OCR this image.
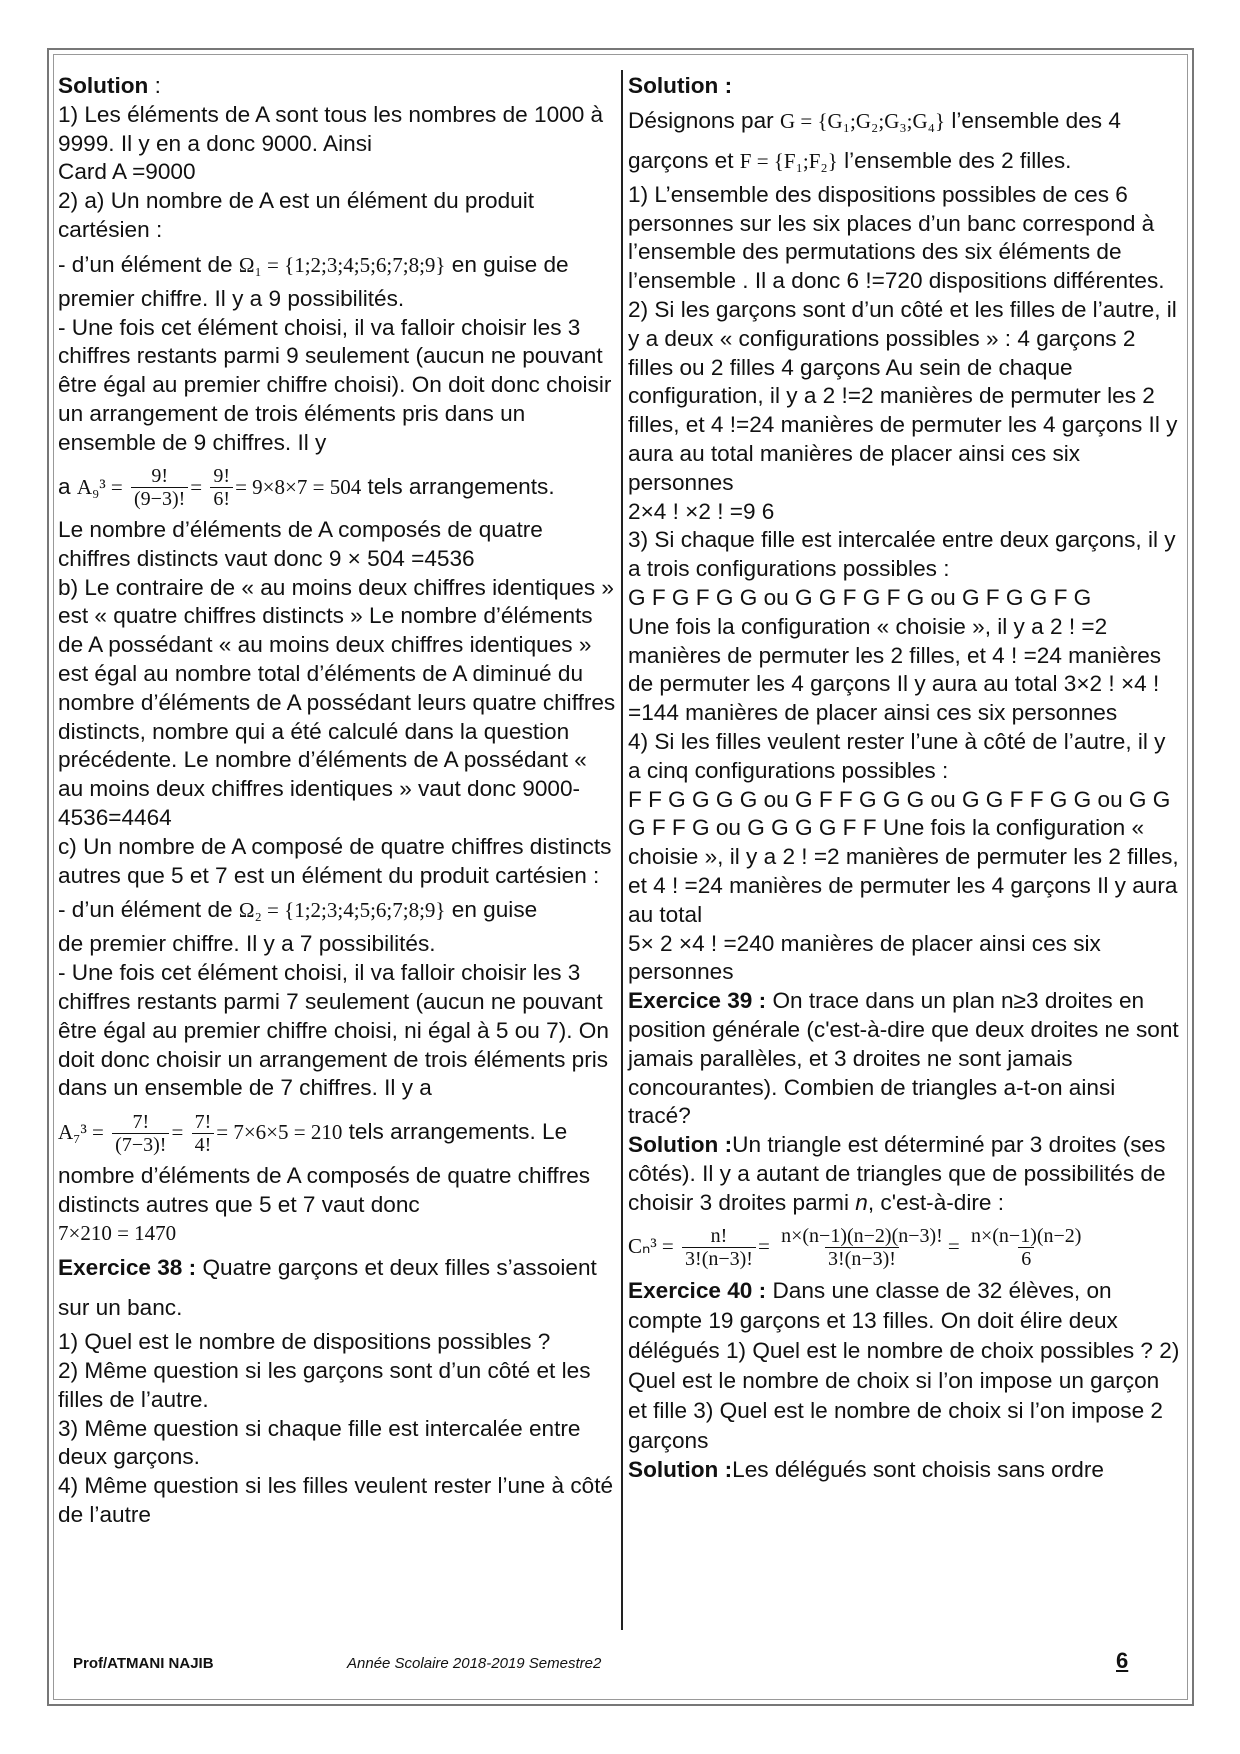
Solution :

1) Les éléments de A sont tous les nombres de 1000 à 9999. Il y en a donc 9000. Ainsi

Card A =9000

2) a) Un nombre de A est un élément du produit cartésien :

- d’un élément de Ω₁ = {1;2;3;4;5;6;7;8;9} en guise de

premier chiffre. Il y a 9 possibilités.

- Une fois cet élément choisi, il va falloir choisir les 3 chiffres restants parmi 9 seulement (aucun ne pouvant être égal au premier chiffre choisi). On doit donc choisir un arrangement de trois éléments pris dans un ensemble de 9 chiffres. Il y

a $A_9^3 = \frac{9!}{(9-3)!} = \frac{9!}{6!} = 9\times 8\times 7 = 504$ tels arrangements.

Le nombre d’éléments de A composés de quatre chiffres distincts vaut donc 9 × 504 =4536

b) Le contraire de « au moins deux chiffres identiques » est « quatre chiffres distincts » Le nombre d’éléments de A possédant « au moins deux chiffres identiques » est égal au nombre total d’éléments de A diminué du nombre d’éléments de A possédant leurs quatre chiffres distincts, nombre qui a été calculé dans la question précédente. Le nombre d’éléments de A possédant « au moins deux chiffres identiques » vaut donc 9000-4536=4464

c) Un nombre de A composé de quatre chiffres distincts autres que 5 et 7 est un élément du produit cartésien :

- d’un élément de Ω₂ = {1;2;3;4;5;6;7;8;9} en guise

de premier chiffre. Il y a 7 possibilités.

- Une fois cet élément choisi, il va falloir choisir les 3 chiffres restants parmi 7 seulement (aucun ne pouvant être égal au premier chiffre choisi, ni égal à 5 ou 7). On doit donc choisir un arrangement de trois éléments pris dans un ensemble de 7 chiffres. Il y a

$A_7^3 = \frac{7!}{(7-3)!} = \frac{7!}{4!} = 7\times 6\times 5 = 210$ tels arrangements. Le

nombre d’éléments de A composés de quatre chiffres distincts autres que 5 et 7 vaut donc

7×210 = 1470

Exercice 38 : Quatre garçons et deux filles s’assoient sur un banc.

1) Quel est le nombre de dispositions possibles ?

2) Même question si les garçons sont d’un côté et les filles de l’autre.

3) Même question si chaque fille est intercalée entre deux garçons.

4) Même question si les filles veulent rester l’une à côté de l’autre

Solution :

Désignons par G = {G₁;G₂;G₃;G₄} l’ensemble des 4

garçons et F = {F₁;F₂} l’ensemble des 2 filles.

1) L’ensemble des dispositions possibles de ces 6 personnes sur les six places d’un banc correspond à l’ensemble des permutations des six éléments de l’ensemble . Il a donc 6 !=720 dispositions différentes.

2) Si les garçons sont d’un côté et les filles de l’autre, il y a deux « configurations possibles » : 4 garçons 2 filles ou 2 filles 4 garçons Au sein de chaque configuration, il y a 2 !=2 manières de permuter les 2 filles, et 4 !=24 manières de permuter les 4 garçons Il y aura au total manières de placer ainsi ces six personnes

2×4 ! ×2 ! =9 6

3) Si chaque fille est intercalée entre deux garçons, il y a trois configurations possibles :

G F G F G G ou G G F G F G ou G F G G F G

Une fois la configuration « choisie », il y a 2 ! =2 manières de permuter les 2 filles, et 4 ! =24 manières de permuter les 4 garçons Il y aura au total 3×2 ! ×4 ! =144 manières de placer ainsi ces six personnes

4) Si les filles veulent rester l’une à côté de l’autre, il y a cinq configurations possibles :

F F G G G G ou G F F G G G ou G G F F G G ou G G G F F G ou G G G G F F Une fois la configuration « choisie », il y a 2 ! =2 manières de permuter les 2 filles, et 4 ! =24 manières de permuter les 4 garçons Il y aura au total

5× 2 ×4 ! =240 manières de placer ainsi ces six personnes

Exercice 39 : On trace dans un plan n≥3 droites en position générale (c'est-à-dire que deux droites ne sont jamais parallèles, et 3 droites ne sont jamais concourantes). Combien de triangles a-t-on ainsi tracé?

Solution :Un triangle est déterminé par 3 droites (ses côtés). Il y a autant de triangles que de possibilités de choisir 3 droites parmi n, c'est-à-dire :

$C_n^3 = \frac{n!}{3!(n-3)!} = \frac{n\times(n-1)(n-2)(n-3)!}{3!(n-3)!} = \frac{n\times(n-1)(n-2)}{6}$

Exercice 40 : Dans une classe de 32 élèves, on compte 19 garçons et 13 filles. On doit élire deux délégués 1) Quel est le nombre de choix possibles ? 2) Quel est le nombre de choix si l’on impose un garçon et fille 3) Quel est le nombre de choix si l’on impose 2 garçons

Solution :Les délégués sont choisis sans ordre

Prof/ATMANI NAJIB	Année Scolaire 2018-2019 Semestre2	6
